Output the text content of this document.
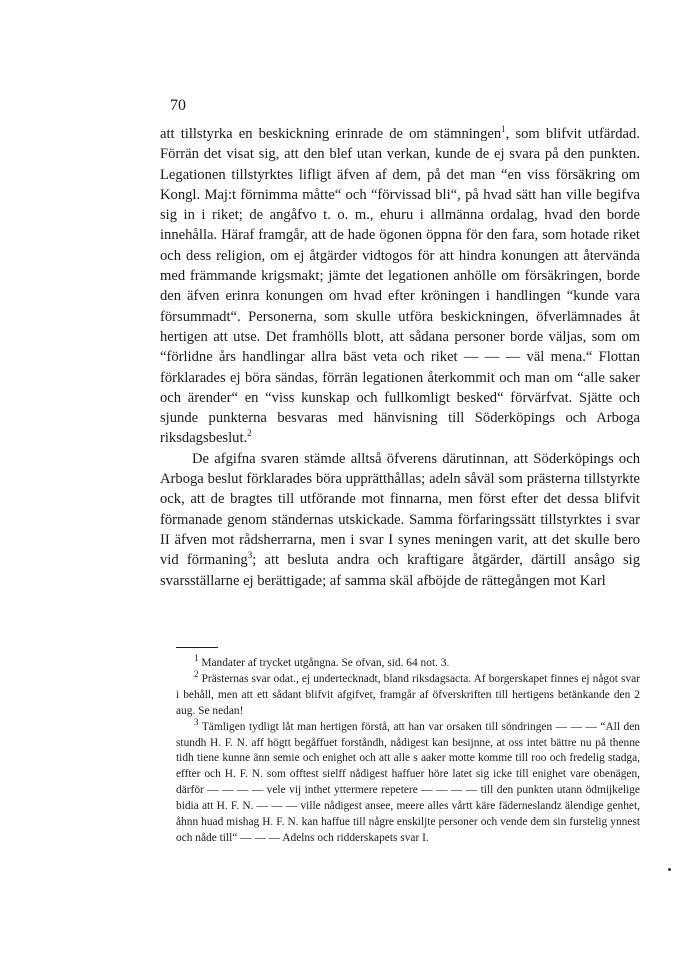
70

att tillstyrka en beskickning erinrade de om stämningen$^1$, som blifvit utfärdad. Förrän det visat sig, att den blef utan verkan, kunde de ej svara på den punkten. Legationen tillstyrktes lifligt äfven af dem, på det man “en viss försäkring om Kongl. Maj:t förnimma måtte“ och “förvissad bli“, på hvad sätt han ville begifva sig in i riket; de angåfvo t. o. m., ehuru i allmänna ordalag, hvad den borde innehålla. Häraf framgår, att de hade ögonen öppna för den fara, som hotade riket och dess religion, om ej åtgärder vidtogos för att hindra konungen att återvända med främmande krigsmakt; jämte det legationen anhölle om försäkringen, borde den äfven erinra konungen om hvad efter kröningen i handlingen “kunde vara försummadt“. Personerna, som skulle utföra beskickningen, öfverlämnades åt hertigen att utse. Det framhölls blott, att sådana personer borde väljas, som om “förlidne års handlingar allra bäst veta och riket — — — väl mena.“ Flottan förklarades ej böra sändas, förrän legationen återkommit och man om “alle saker och ärender“ en “viss kunskap och fullkomligt besked“ förvärfvat. Sjätte och sjunde punkterna besvaras med hänvisning till Söderköpings och Arboga riksdagsbeslut.$^2$

De afgifna svaren stämde alltså öfverens därutinnan, att Söderköpings och Arboga beslut förklarades böra upprätthållas; adeln såväl som prästerna tillstyrkte ock, att de bragtes till utförande mot finnarna, men först efter det dessa blifvit förmanade genom ständernas utskickade. Samma förfaringssätt tillstyrktes i svar II äfven mot rådsherrarna, men i svar I synes meningen varit, att det skulle bero vid förmaning$^3$; att besluta andra och kraftigare åtgärder, därtill ansågo sig svarsställarne ej berättigade; af samma skäl afböjde de rättegången mot Karl

$^1$ Mandater af trycket utgångna. Se ofvan, sid. 64 not. 3.

$^2$ Prästernas svar odat., ej undertecknadt, bland riksdagsacta. Af borgerskapet finnes ej något svar i behåll, men att ett sådant blifvit afgifvet, framgår af öfverskriften till hertigens betänkande den 2 aug. Se nedan!

$^3$ Tämligen tydligt låt man hertigen förstå, att han var orsaken till söndringen — — — “All den stundh H. F. N. aff högtt begåffuet forståndh, nådigest kan besijnne, at oss intet bättre nu på thenne tidh tiene kunne änn semie och enighet och att alle s aaker motte komme till roo och fredelig stadga, effter och H. F. N. som offtest sielff nådigest haffuer höre latet sig icke till enighet vare obenägen, därför — — — — vele vij inthet yttermere repetere — — — — till den punkten utann ödmijkelige bidia att H. F. N. — — — ville nådigest ansee, meere alles vårtt käre fäderneslandz älendige genhet, åhnn huad mishag H. F. N. kan haffue till någre enskiljte personer och vende dem sin furstelig ynnest och nåde till“ — — — Adelns och ridderskapets svar I.
